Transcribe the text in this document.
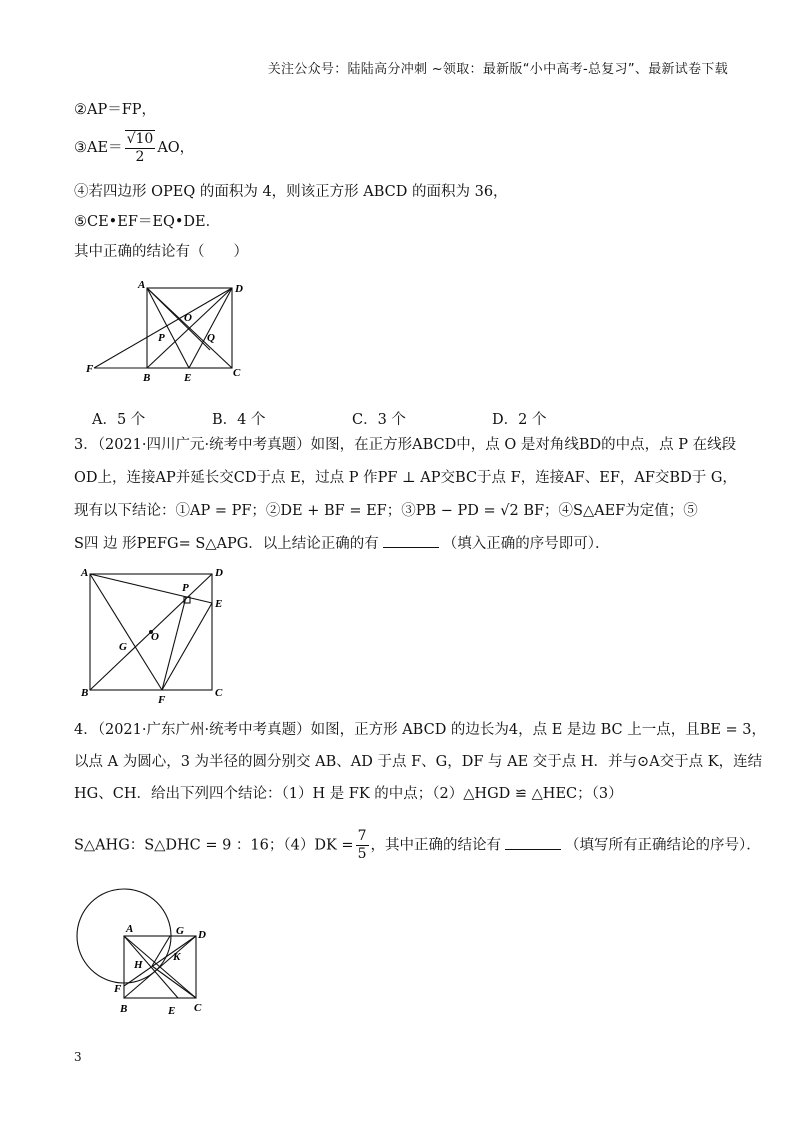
关注公众号：陆陆高分冲刺 ~领取：最新版“小中高考-总复习”、最新试卷下载
②AP＝FP，
③AE＝ $\frac{√10}{2}$ AO，
④若四边形 OPEQ 的面积为 4，则该正方形 ABCD 的面积为 36，
⑤CE•EF＝EQ•DE．
其中正确的结论有（　　）
A	D
O
P	Q
F
B	E	C
A．5 个	B．4 个	C．3 个	D．2 个
3．（2021·四川广元·统考中考真题）如图，在正方形ABCD中，点 O 是对角线BD的中点，点 P 在线段
OD上，连接AP并延长交CD于点 E，过点 P 作PF ⊥ AP交BC于点 F，连接AF、EF，AF交BD于 G，
现有以下结论：①AP = PF；②DE + BF = EF；③PB − PD = √2 BF；④S△AEF为定值；⑤
S四 边 形PEFG= S△APG．以上结论正确的有	（填入正确的序号即可）．
A	D
P
E
O
G
B
F
C
4．（2021·广东广州·统考中考真题）如图，正方形 ABCD 的边长为4，点 E 是边 BC 上一点，且BE = 3，
以点 A 为圆心，3 为半径的圆分别交 AB、AD 于点 F、G，DF 与 AE 交于点 H．并与⊙A交于点 K，连结
HG、CH．给出下列四个结论：（1）H 是 FK 的中点；（2）△HGD ≌ △HEC；（3）
S△AHG：S△DHC = 9 ：16；$(4)DK = \frac{7}{5}$ ，其中正确的结论有	（填写所有正确结论的序号）．
A	G D
H
K
F
B	E C
3
